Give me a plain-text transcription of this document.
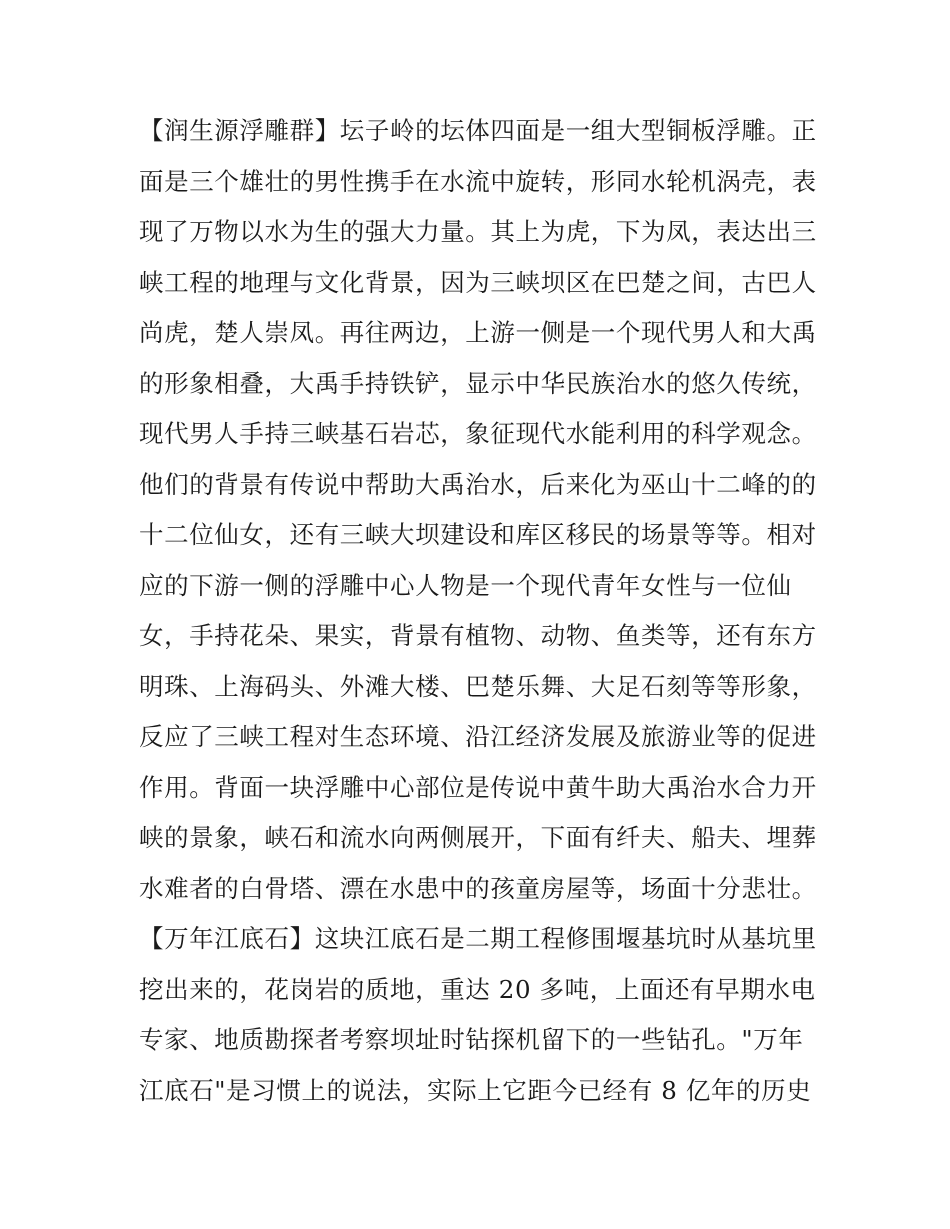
【润生源浮雕群】坛子岭的坛体四面是一组大型铜板浮雕。正
面是三个雄壮的男性携手在水流中旋转，形同水轮机涡壳，表
现了万物以水为生的强大力量。其上为虎，下为凤，表达出三
峡工程的地理与文化背景，因为三峡坝区在巴楚之间，古巴人
尚虎，楚人崇凤。再往两边，上游一侧是一个现代男人和大禹
的形象相叠，大禹手持铁铲，显示中华民族治水的悠久传统，
现代男人手持三峡基石岩芯，象征现代水能利用的科学观念。
他们的背景有传说中帮助大禹治水，后来化为巫山十二峰的的
十二位仙女，还有三峡大坝建设和库区移民的场景等等。相对
应的下游一侧的浮雕中心人物是一个现代青年女性与一位仙
女，手持花朵、果实，背景有植物、动物、鱼类等，还有东方
明珠、上海码头、外滩大楼、巴楚乐舞、大足石刻等等形象，
反应了三峡工程对生态环境、沿江经济发展及旅游业等的促进
作用。背面一块浮雕中心部位是传说中黄牛助大禹治水合力开
峡的景象，峡石和流水向两侧展开，下面有纤夫、船夫、埋葬
水难者的白骨塔、漂在水患中的孩童房屋等，场面十分悲壮。
【万年江底石】这块江底石是二期工程修围堰基坑时从基坑里
挖出来的，花岗岩的质地，重达 20 多吨，上面还有早期水电
专家、地质勘探者考察坝址时钻探机留下的一些钻孔。"万年
江底石"是习惯上的说法，实际上它距今已经有 8 亿年的历史
